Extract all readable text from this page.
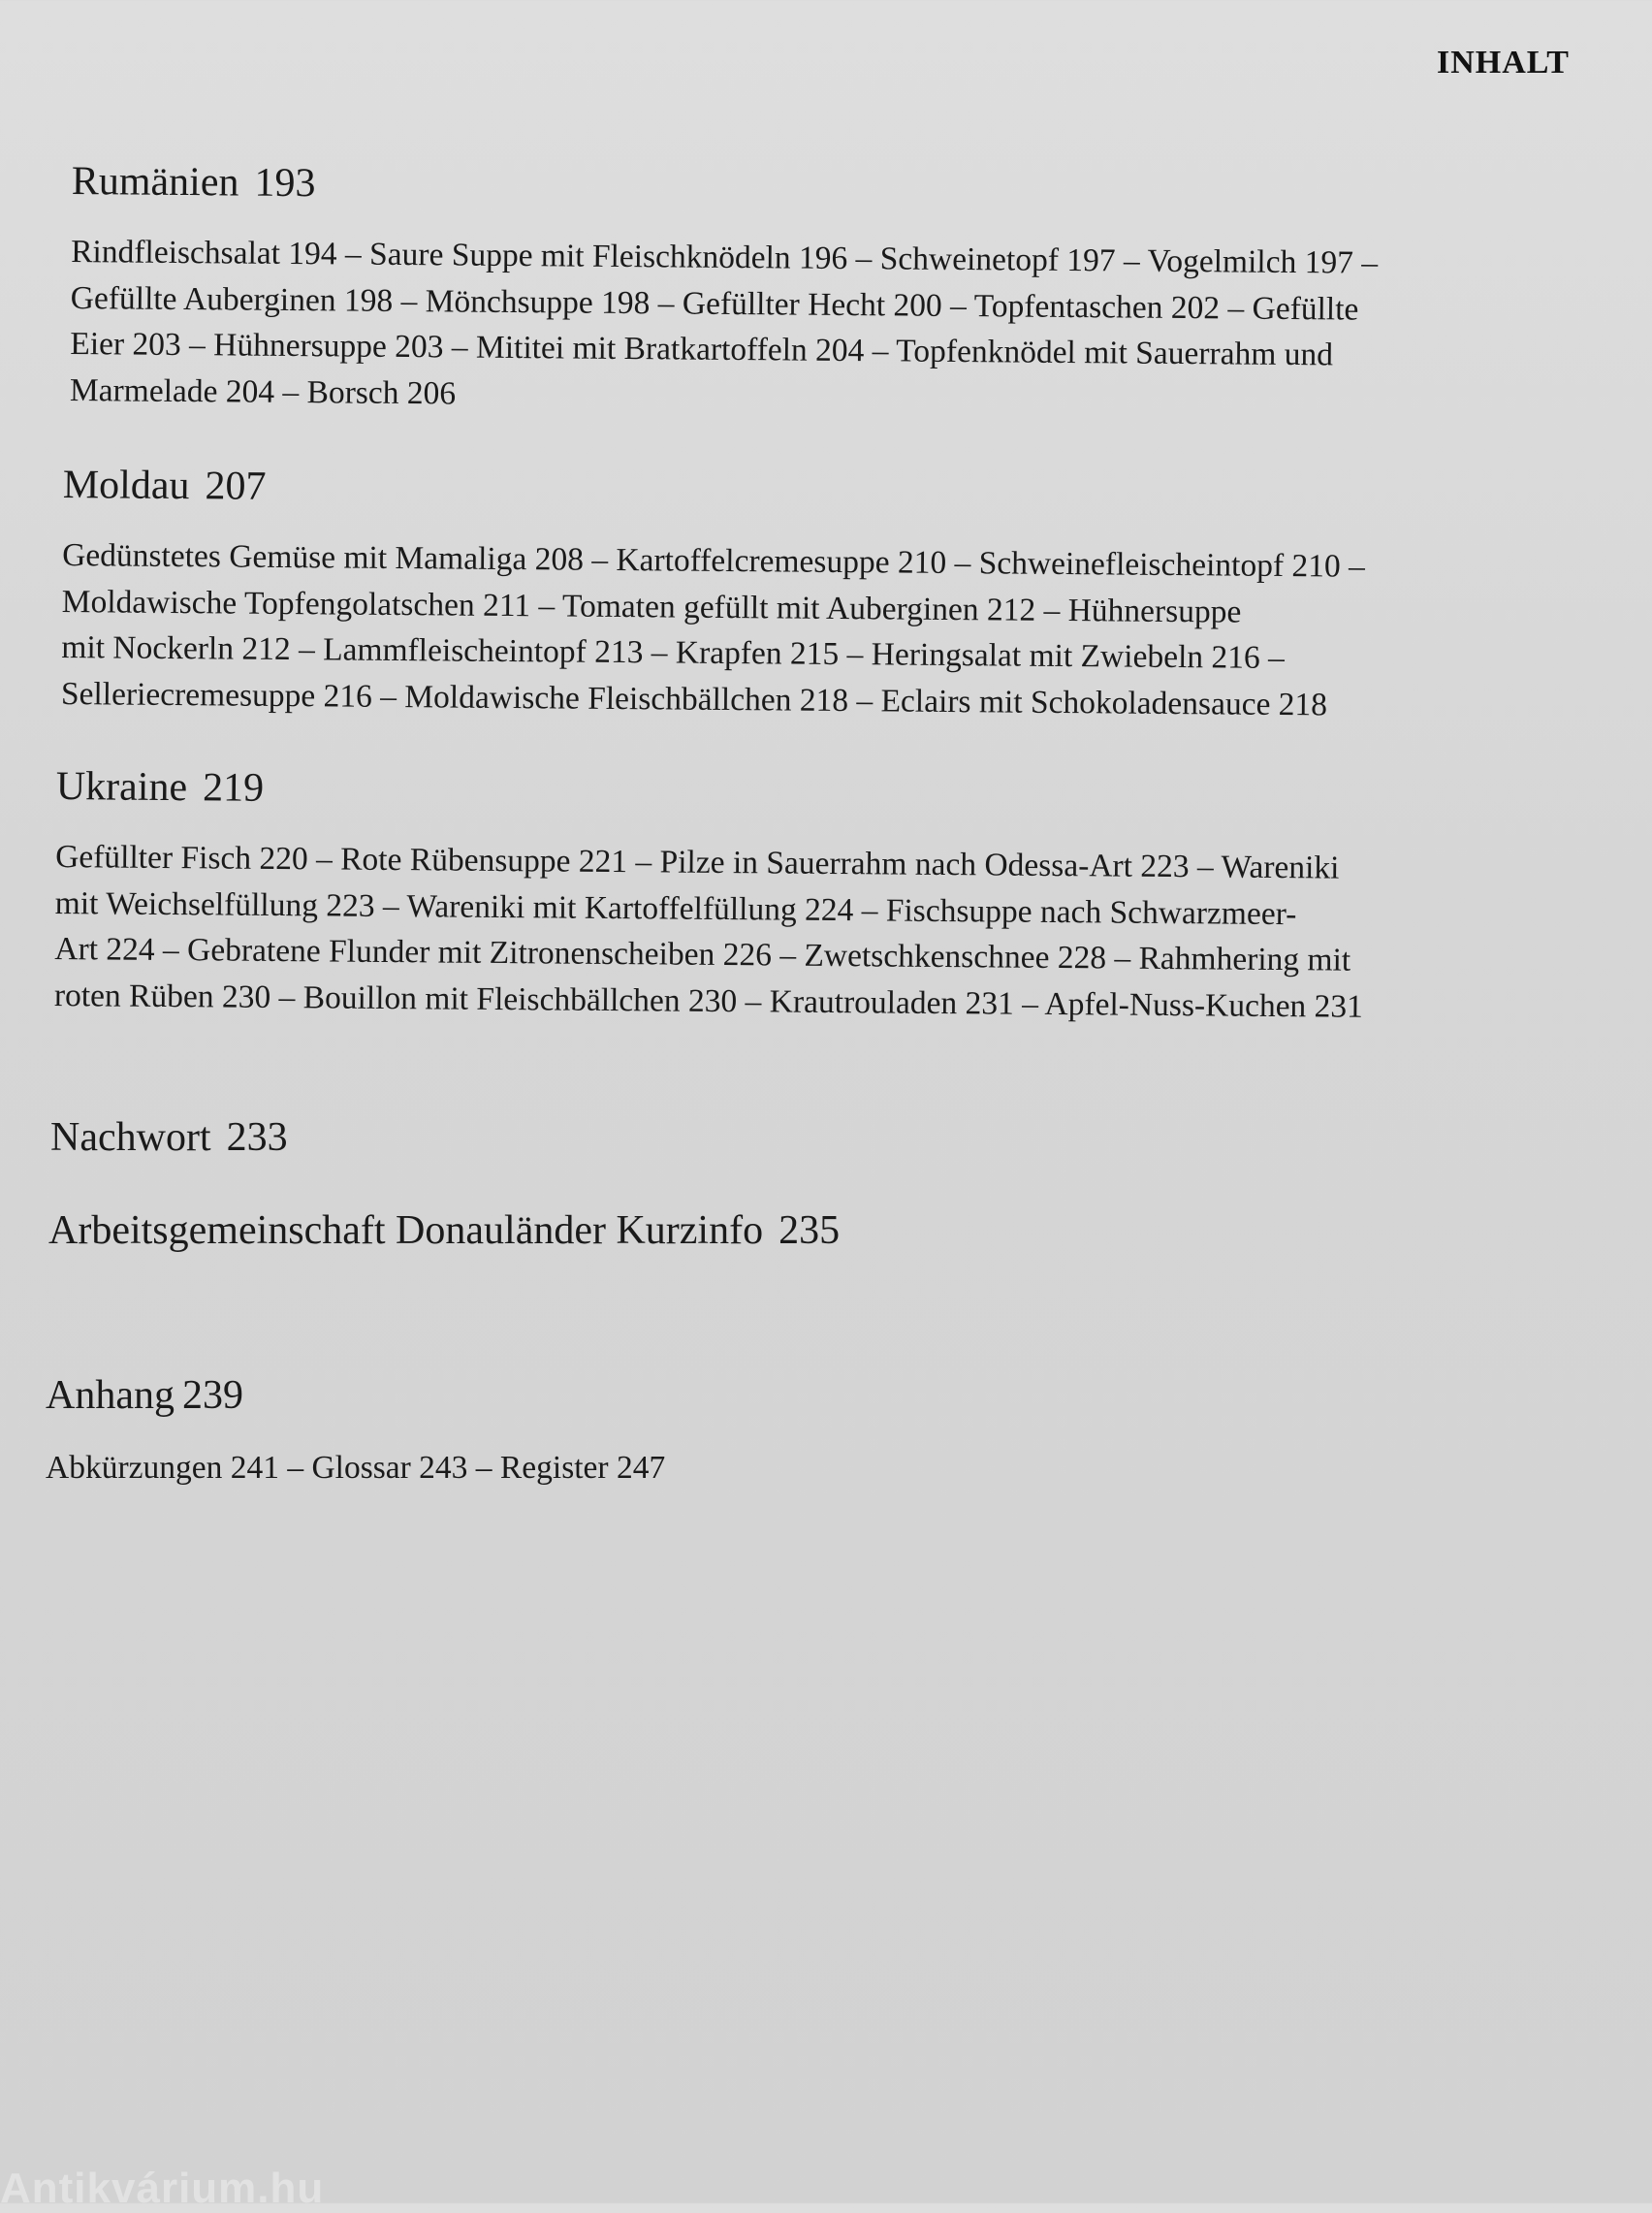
INHALT
Rumänien 193

Rindfleischsalat 194 – Saure Suppe mit Fleischknödeln 196 – Schweinetopf 197 – Vogelmilch 197 –
Gefüllte Auberginen 198 – Mönchsuppe 198 – Gefüllter Hecht 200 – Topfentaschen 202 – Gefüllte
Eier 203 – Hühnersuppe 203 – Mititei mit Bratkartoffeln 204 – Topfenknödel mit Sauerrahm und
Marmelade 204 – Borsch 206

Moldau 207

Gedünstetes Gemüse mit Mamaliga 208 – Kartoffelcremesuppe 210 – Schweinefleischeintopf 210 –
Moldawische Topfengolatschen 211 – Tomaten gefüllt mit Auberginen 212 – Hühnersuppe
mit Nockerln 212 – Lammfleischeintopf 213 – Krapfen 215 – Heringsalat mit Zwiebeln 216 –
Selleriecremesuppe 216 – Moldawische Fleischbällchen 218 – Eclairs mit Schokoladensauce 218

Ukraine 219

Gefüllter Fisch 220 – Rote Rübensuppe 221 – Pilze in Sauerrahm nach Odessa-Art 223 – Wareniki
mit Weichselfüllung 223 – Wareniki mit Kartoffelfüllung 224 – Fischsuppe nach Schwarzmeer-
Art 224 – Gebratene Flunder mit Zitronenscheiben 226 – Zwetschkenschnee 228 – Rahmhering mit
roten Rüben 230 – Bouillon mit Fleischbällchen 230 – Krautrouladen 231 – Apfel-Nuss-Kuchen 231

Nachwort 233
Arbeitsgemeinschaft Donauländer Kurzinfo 235
Anhang 239

Abkürzungen 241 – Glossar 243 – Register 247

Antikvárium.hu
